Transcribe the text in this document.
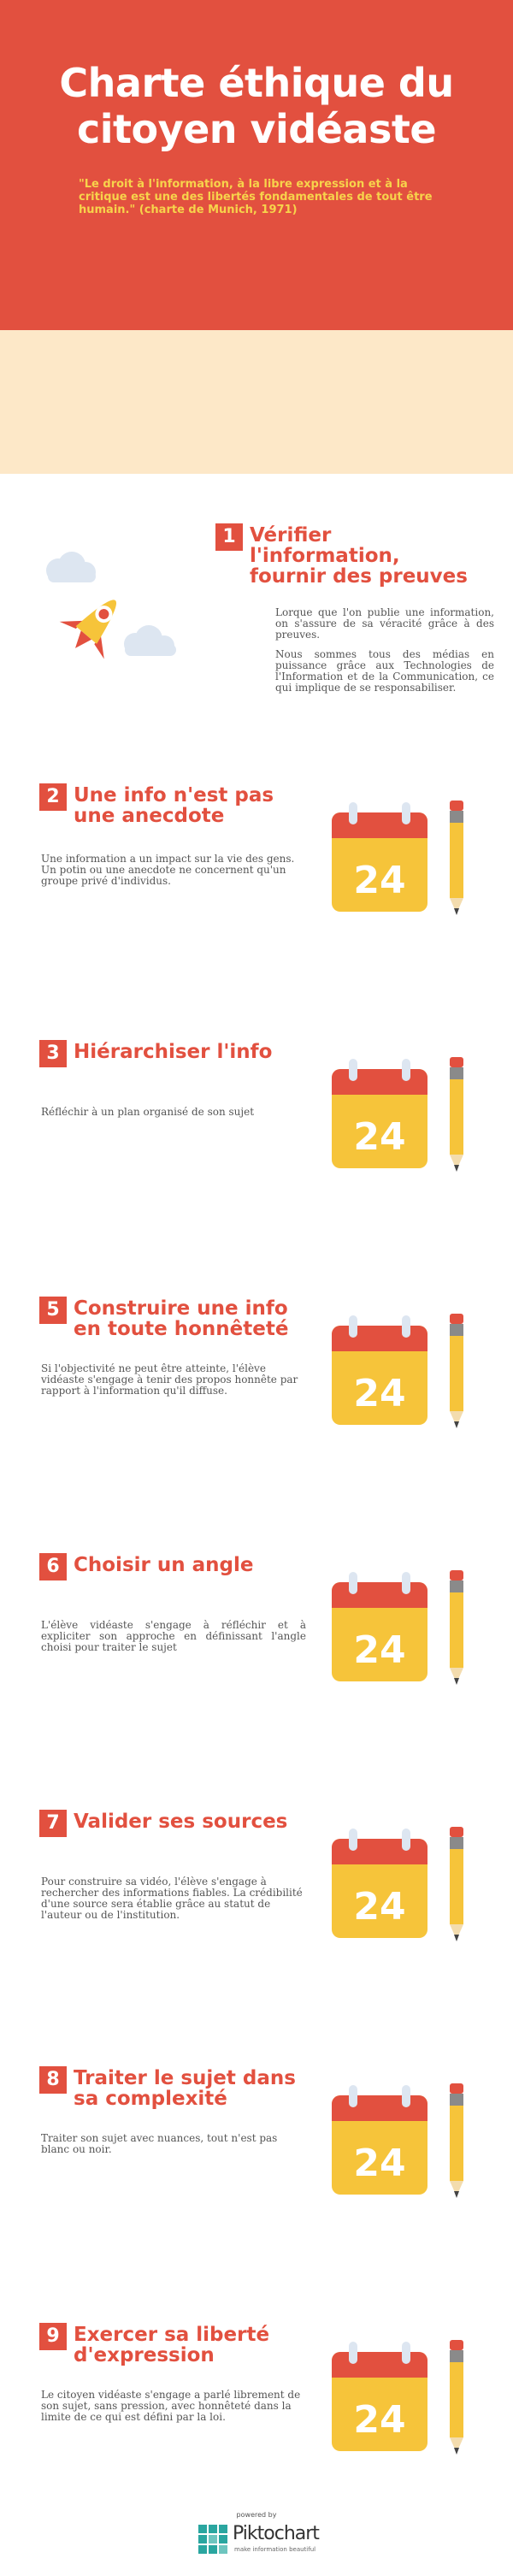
Charte éthique du citoyen vidéaste

"Le droit à l'information, à la libre expression et à la critique est une des libertés fondamentales de tout être humain." (charte de Munich, 1971)

1 Vérifier l'information, fournir des preuves

Lorque que l'on publie une information, on s'assure de sa véracité grâce à des preuves.

Nous sommes tous des médias en puissance grâce aux Technologies de l'Information et de la Communication, ce qui implique de se responsabiliser.

2 Une info n'est pas une anecdote

Une information a un impact sur la vie des gens. Un potin ou une anecdote ne concernent qu'un groupe privé d'individus.	24
3 Hiérarchiser l'info

Réfléchir à un plan organisé de son sujet

24
5 Construire une info en toute honnêteté

Si l'objectivité ne peut être atteinte, l'élève vidéaste s'engage à tenir des propos honnête par rapport à l'information qu'il diffuse.	24
6 Choisir un angle

L'élève vidéaste s'engage à réfléchir et à expliciter son approche en définissant l'angle choisi pour traiter le sujet	24
7 Valider ses sources

Pour construire sa vidéo, l'élève s'engage à rechercher des informations fiables. La crédibilité d'une source sera établie grâce au statut de l'auteur ou de l'institution.	24
8 Traiter le sujet dans sa complexité

Traiter son sujet avec nuances, tout n'est pas blanc ou noir.	24
9 Exercer sa liberté d'expression

Le citoyen vidéaste s'engage a parlé librement de son sujet, sans pression, avec honnêteté dans la limite de ce qui est défini par la loi.	24
powered by
Piktochart
make information beautiful
